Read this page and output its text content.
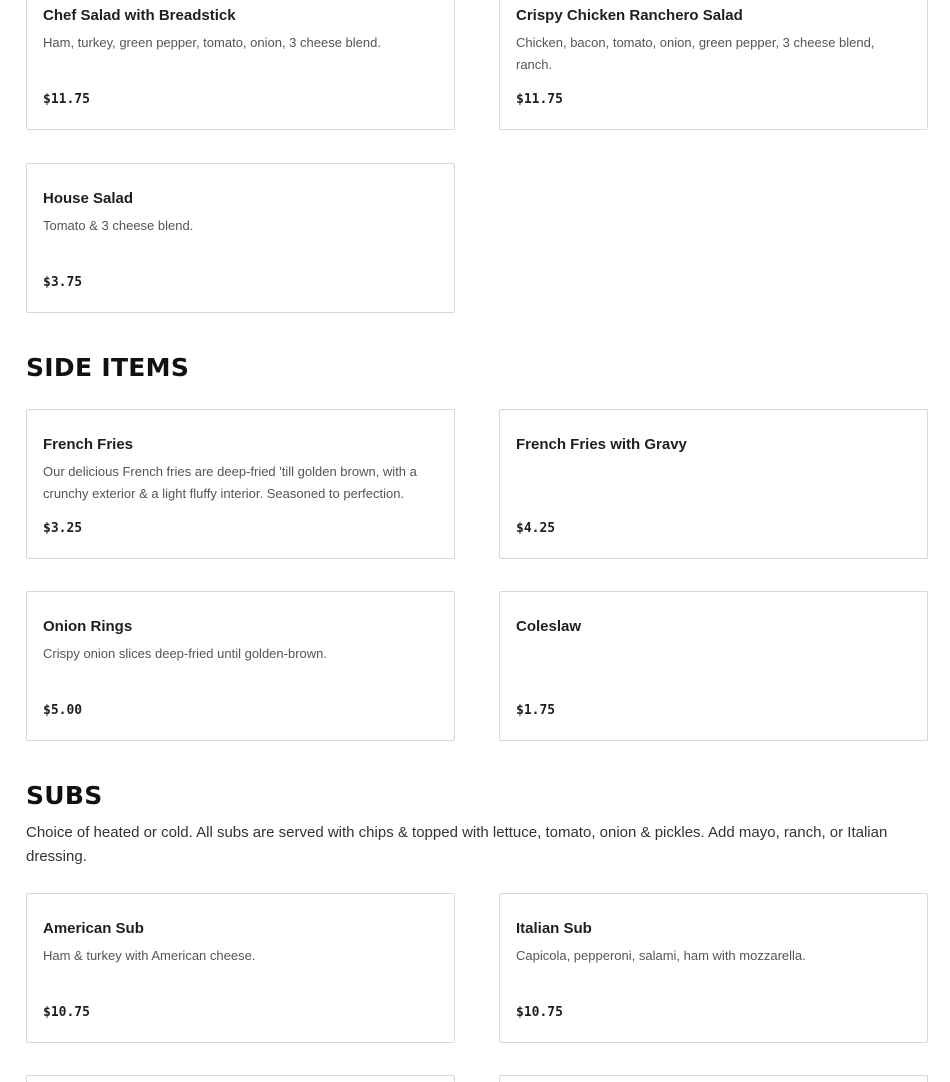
Chef Salad with Breadstick
Ham, turkey, green pepper, tomato, onion, 3 cheese blend.
$11.75
Crispy Chicken Ranchero Salad
Chicken, bacon, tomato, onion, green pepper, 3 cheese blend, ranch.
$11.75
House Salad
Tomato & 3 cheese blend.
$3.75
SIDE ITEMS
French Fries
Our delicious French fries are deep-fried 'till golden brown, with a crunchy exterior & a light fluffy interior. Seasoned to perfection.
$3.25
French Fries with Gravy
$4.25
Onion Rings
Crispy onion slices deep-fried until golden-brown.
$5.00
Coleslaw
$1.75
SUBS
Choice of heated or cold. All subs are served with chips & topped with lettuce, tomato, onion & pickles. Add mayo, ranch, or Italian dressing.
American Sub
Ham & turkey with American cheese.
$10.75
Italian Sub
Capicola, pepperoni, salami, ham with mozzarella.
$10.75
